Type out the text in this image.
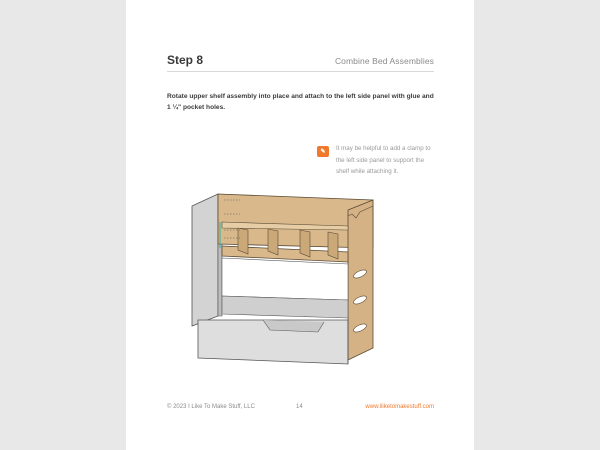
Step 8	Combine Bed Assemblies
Rotate upper shelf assembly into place and attach to the left side panel with glue and 1 ¼" pocket holes.
✎	It may be helpful to add a clamp to the left side panel to support the shelf while attaching it.
© 2023 I Like To Make Stuff, LLC	14	www.iliketomakestuff.com
